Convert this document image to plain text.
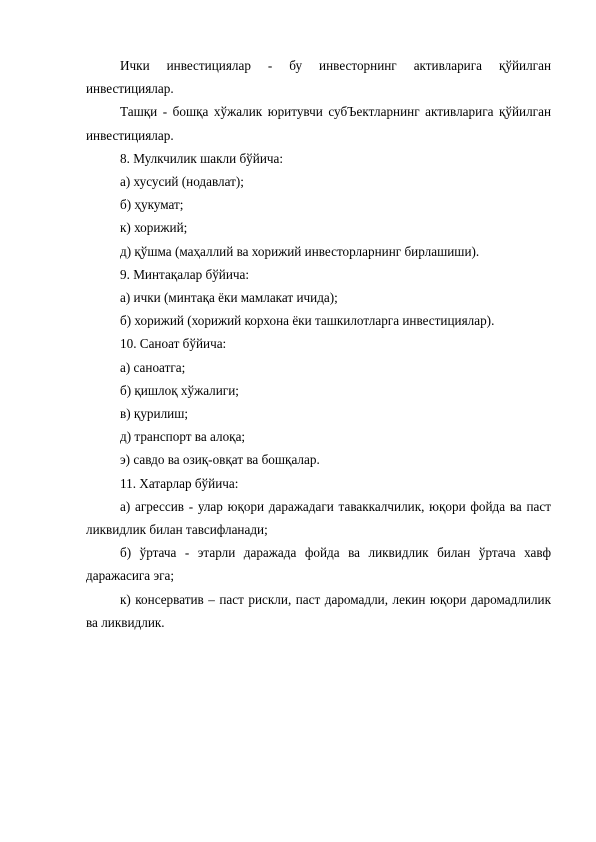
Ички инвестициялар - бу инвесторнинг активларига қўйилган инвестициялар.

Ташқи - бошқа хўжалик юритувчи субЪектларнинг активларига қўйилган инвестициялар.

8. Мулкчилик шакли бўйича:

а) хусусий (нодавлат);

б) ҳукумат;

к) хорижий;

д) қўшма (маҳаллий ва хорижий инвесторларнинг бирлашиши).

9. Минтақалар бўйича:

а) ички (минтақа ёки мамлакат ичида);

б) хорижий (хорижий корхона ёки ташкилотларга инвестициялар).

10. Саноат бўйича:

а) саноатга;

б) қишлоқ хўжалиги;

в) қурилиш;

д) транспорт ва алоқа;

э) савдо ва озиқ-овқат ва бошқалар.

11. Хатарлар бўйича:

а) агрессив - улар юқори даражадаги таваккалчилик, юқори фойда ва паст ликвидлик билан тавсифланади;

б) ўртача - этарли даражада фойда ва ликвидлик билан ўртача хавф даражасига эга;

к) консерватив – паст рискли, паст даромадли, лекин юқори даромадлилик ва ликвидлик.
